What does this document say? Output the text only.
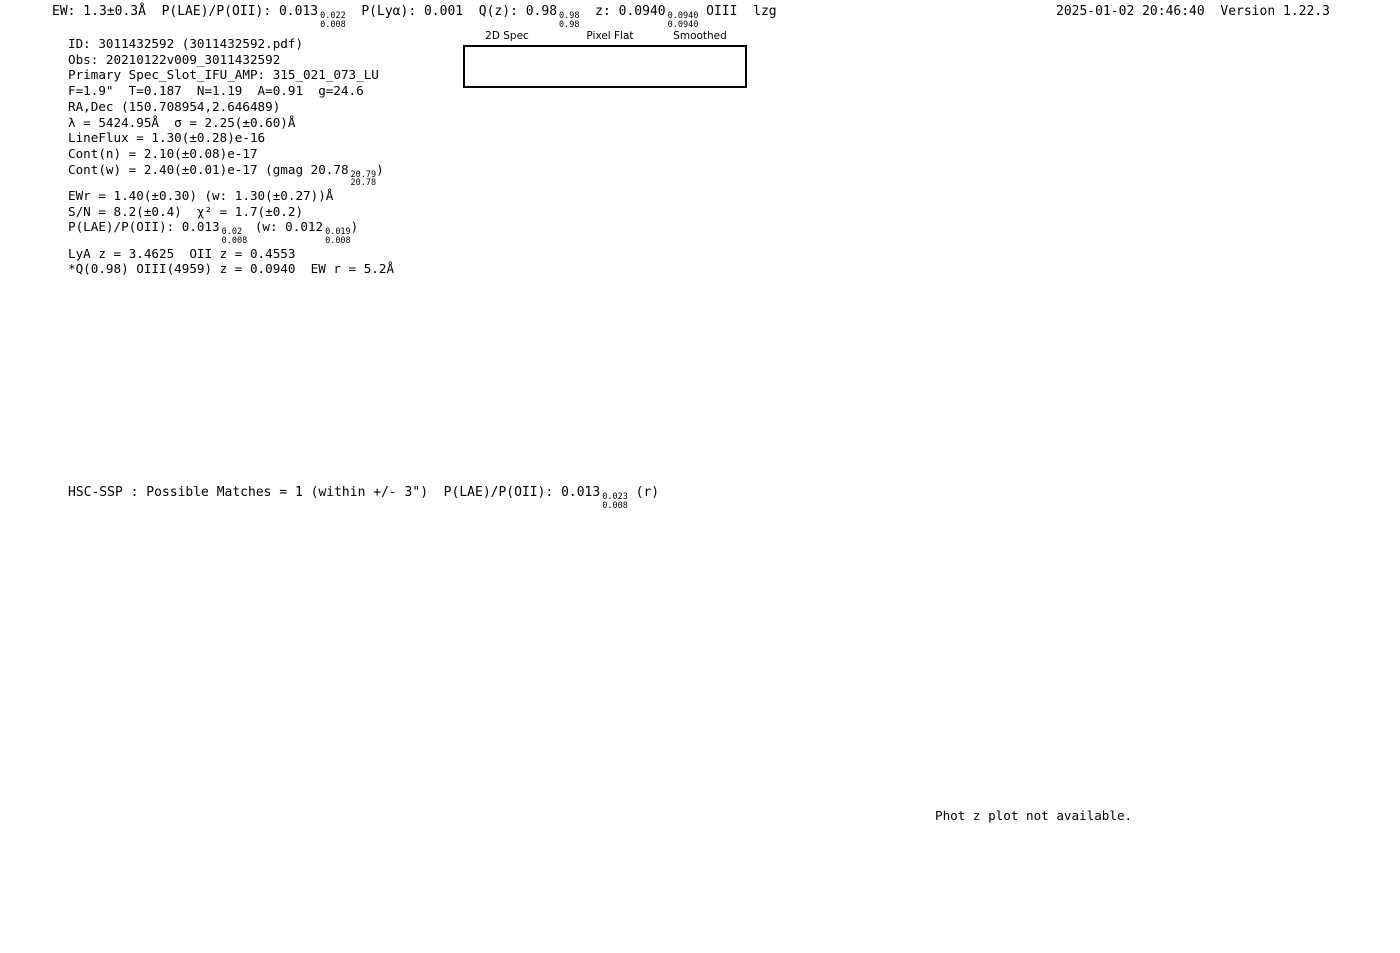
EW: 1.3±0.3Å  P(LAE)/P(OII): 0.013 0.022
0.008
P(Lyα): 0.001  Q(z): 0.98 0.98
0.98
z: 0.0940 0.0940
0.0940
OIII  lzg	2025-01-02 20:46:40 Version 1.22.3
ID: 3011432592 (3011432592.pdf)
Obs: 20210122v009_3011432592
Primary Spec_Slot_IFU_AMP: 315_021_073_LU
F=1.9"  T=0.187  N=1.19  A=0.91  g=24.6
RA,Dec (150.708954,2.646489)
λ = 5424.95Å  σ = 2.25(±0.60)Å
LineFlux = 1.30(±0.28)e-16
Cont(n) = 2.10(±0.08)e-17
Cont(w) = 2.40(±0.01)e-17 (gmag 20.78 20.79
20.78
)
EWr = 1.40(±0.30) (w: 1.30(±0.27))Å
S/N = 8.2(±0.4)  χ² = 1.7(±0.2)
P(LAE)/P(OII): 0.013 0.02
0.008
(w: 0.012 0.019
0.008
)
LyA z = 3.4625  OII z = 0.4553
*Q(0.98) OIII(4959) z = 0.0940  EW r = 5.2Å
2D Spec	Pixel Flat	Smoothed
HSC-SSP : Possible Matches = 1 (within +/- 3")  P(LAE)/P(OII): 0.013 0.023
0.008
(r)
Phot z plot not available.
